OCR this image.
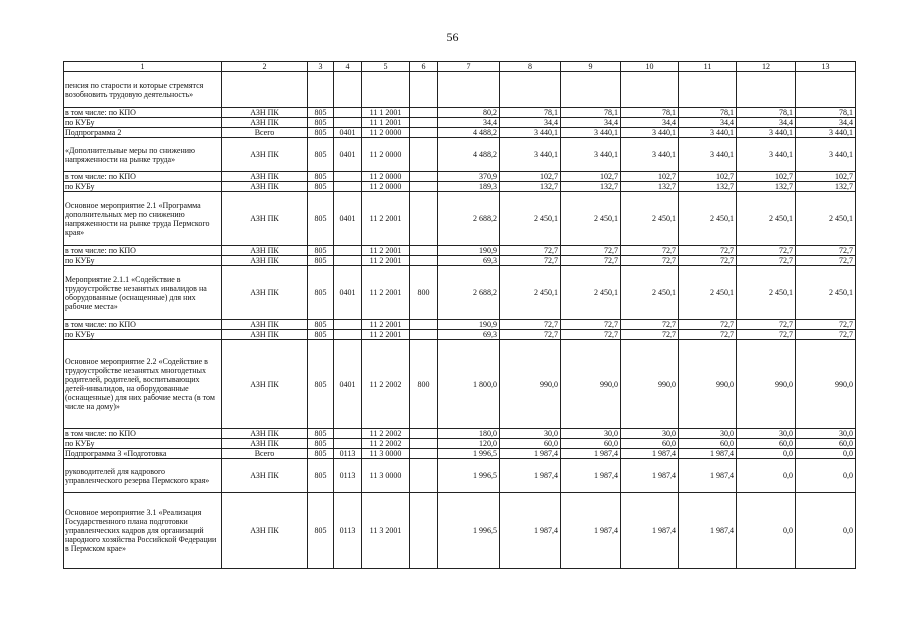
56
1	2	3	4	5	6	7	8	9	10	11	12	13
пенсия по старости и которые стремятся возобновить трудовую деятельность»												
в том числе: по КПО	АЗН ПК	805		11 1 2001		80,2	78,1	78,1	78,1	78,1	78,1	78,1
по КУБу	АЗН ПК	805		11 1 2001		34,4	34,4	34,4	34,4	34,4	34,4	34,4
Подпрограмма 2	Всего	805	0401	11 2 0000		4 488,2	3 440,1	3 440,1	3 440,1	3 440,1	3 440,1	3 440,1
«Дополнительные меры по снижению напряженности на рынке труда»	АЗН ПК	805	0401	11 2 0000		4 488,2	3 440,1	3 440,1	3 440,1	3 440,1	3 440,1	3 440,1
в том числе: по КПО	АЗН ПК	805		11 2 0000		370,9	102,7	102,7	102,7	102,7	102,7	102,7
по КУБу	АЗН ПК	805		11 2 0000		189,3	132,7	132,7	132,7	132,7	132,7	132,7
Основное мероприятие 2.1 «Программа дополнительных мер по снижению напряженности на рынке труда Пермского края»	АЗН ПК	805	0401	11 2 2001		2 688,2	2 450,1	2 450,1	2 450,1	2 450,1	2 450,1	2 450,1
в том числе: по КПО	АЗН ПК	805		11 2 2001		190,9	72,7	72,7	72,7	72,7	72,7	72,7
по КУБу	АЗН ПК	805		11 2 2001		69,3	72,7	72,7	72,7	72,7	72,7	72,7
Мероприятие 2.1.1 «Содействие в трудоустройстве незанятых инвалидов на оборудованные (оснащенные) для них рабочие места»	АЗН ПК	805	0401	11 2 2001	800	2 688,2	2 450,1	2 450,1	2 450,1	2 450,1	2 450,1	2 450,1
в том числе: по КПО	АЗН ПК	805		11 2 2001		190,9	72,7	72,7	72,7	72,7	72,7	72,7
по КУБу	АЗН ПК	805		11 2 2001		69,3	72,7	72,7	72,7	72,7	72,7	72,7
Основное мероприятие 2.2 «Содействие в трудоустройстве незанятых многодетных родителей, родителей, воспитывающих детей-инвалидов, на оборудованные (оснащенные) для них рабочие места (в том числе на дому)»	АЗН ПК	805	0401	11 2 2002	800	1 800,0	990,0	990,0	990,0	990,0	990,0	990,0
в том числе: по КПО	АЗН ПК	805		11 2 2002		180,0	30,0	30,0	30,0	30,0	30,0	30,0
по КУБу	АЗН ПК	805		11 2 2002		120,0	60,0	60,0	60,0	60,0	60,0	60,0
Подпрограмма 3 «Подготовка	Всего	805	0113	11 3 0000		1 996,5	1 987,4	1 987,4	1 987,4	1 987,4	0,0	0,0
руководителей для кадрового управленческого резерва Пермского края»	АЗН ПК	805	0113	11 3 0000		1 996,5	1 987,4	1 987,4	1 987,4	1 987,4	0,0	0,0
Основное мероприятие 3.1 «Реализация Государственного плана подготовки управленческих кадров для организаций народного хозяйства Российской Федерации в Пермском крае»	АЗН ПК	805	0113	11 3 2001		1 996,5	1 987,4	1 987,4	1 987,4	1 987,4	0,0	0,0
